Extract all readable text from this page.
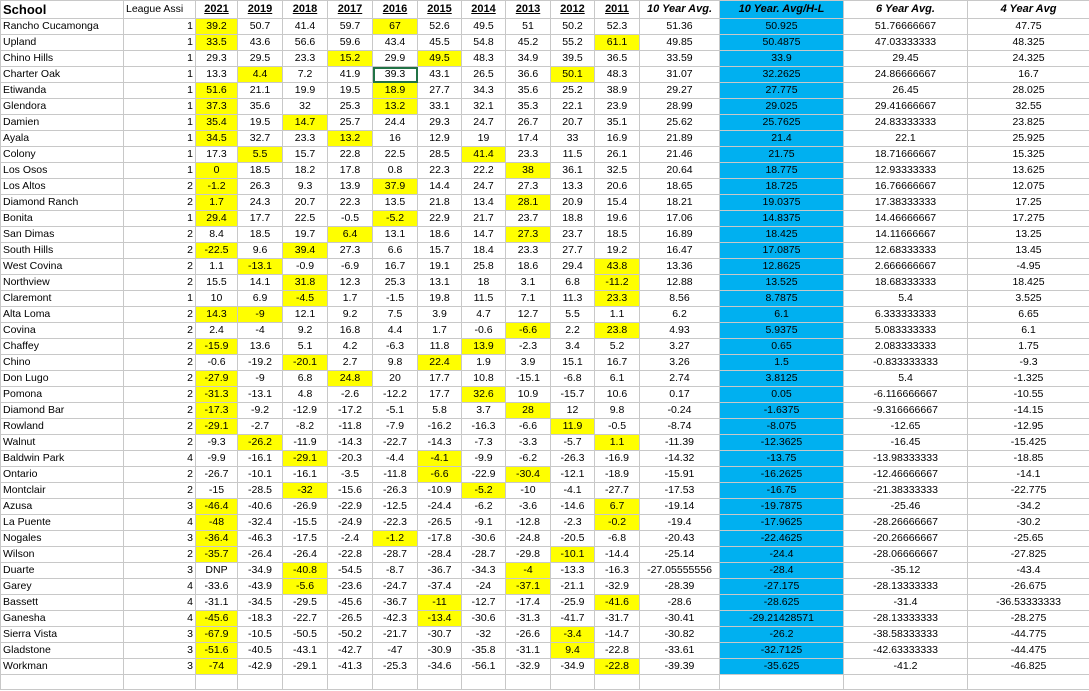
School	League Assi	2021	2019	2018	2017	2016	2015	2014	2013	2012	2011	10 Year Avg.	10 Year. Avg/H-L	6 Year Avg.	4 Year Avg
Rancho Cucamonga	1	39.2	50.7	41.4	59.7	67	52.6	49.5	51	50.2	52.3	51.36	50.925	51.76666667	47.75
Upland	1	33.5	43.6	56.6	59.6	43.4	45.5	54.8	45.2	55.2	61.1	49.85	50.4875	47.03333333	48.325
Chino Hills	1	29.3	29.5	23.3	15.2	29.9	49.5	48.3	34.9	39.5	36.5	33.59	33.9	29.45	24.325
Charter Oak	1	13.3	4.4	7.2	41.9	39.3	43.1	26.5	36.6	50.1	48.3	31.07	32.2625	24.86666667	16.7
Etiwanda	1	51.6	21.1	19.9	19.5	18.9	27.7	34.3	35.6	25.2	38.9	29.27	27.775	26.45	28.025
Glendora	1	37.3	35.6	32	25.3	13.2	33.1	32.1	35.3	22.1	23.9	28.99	29.025	29.41666667	32.55
Damien	1	35.4	19.5	14.7	25.7	24.4	29.3	24.7	26.7	20.7	35.1	25.62	25.7625	24.83333333	23.825
Ayala	1	34.5	32.7	23.3	13.2	16	12.9	19	17.4	33	16.9	21.89	21.4	22.1	25.925
Colony	1	17.3	5.5	15.7	22.8	22.5	28.5	41.4	23.3	11.5	26.1	21.46	21.75	18.71666667	15.325
Los Osos	1	0	18.5	18.2	17.8	0.8	22.3	22.2	38	36.1	32.5	20.64	18.775	12.93333333	13.625
Los Altos	2	-1.2	26.3	9.3	13.9	37.9	14.4	24.7	27.3	13.3	20.6	18.65	18.725	16.76666667	12.075
Diamond Ranch	2	1.7	24.3	20.7	22.3	13.5	21.8	13.4	28.1	20.9	15.4	18.21	19.0375	17.38333333	17.25
Bonita	1	29.4	17.7	22.5	-0.5	-5.2	22.9	21.7	23.7	18.8	19.6	17.06	14.8375	14.46666667	17.275
San Dimas	2	8.4	18.5	19.7	6.4	13.1	18.6	14.7	27.3	23.7	18.5	16.89	18.425	14.11666667	13.25
South Hills	2	-22.5	9.6	39.4	27.3	6.6	15.7	18.4	23.3	27.7	19.2	16.47	17.0875	12.68333333	13.45
West Covina	2	1.1	-13.1	-0.9	-6.9	16.7	19.1	25.8	18.6	29.4	43.8	13.36	12.8625	2.666666667	-4.95
Northview	2	15.5	14.1	31.8	12.3	25.3	13.1	18	3.1	6.8	-11.2	12.88	13.525	18.68333333	18.425
Claremont	1	10	6.9	-4.5	1.7	-1.5	19.8	11.5	7.1	11.3	23.3	8.56	8.7875	5.4	3.525
Alta Loma	2	14.3	-9	12.1	9.2	7.5	3.9	4.7	12.7	5.5	1.1	6.2	6.1	6.333333333	6.65
Covina	2	2.4	-4	9.2	16.8	4.4	1.7	-0.6	-6.6	2.2	23.8	4.93	5.9375	5.083333333	6.1
Chaffey	2	-15.9	13.6	5.1	4.2	-6.3	11.8	13.9	-2.3	3.4	5.2	3.27	0.65	2.083333333	1.75
Chino	2	-0.6	-19.2	-20.1	2.7	9.8	22.4	1.9	3.9	15.1	16.7	3.26	1.5	-0.833333333	-9.3
Don Lugo	2	-27.9	-9	6.8	24.8	20	17.7	10.8	-15.1	-6.8	6.1	2.74	3.8125	5.4	-1.325
Pomona	2	-31.3	-13.1	4.8	-2.6	-12.2	17.7	32.6	10.9	-15.7	10.6	0.17	0.05	-6.116666667	-10.55
Diamond Bar	2	-17.3	-9.2	-12.9	-17.2	-5.1	5.8	3.7	28	12	9.8	-0.24	-1.6375	-9.316666667	-14.15
Rowland	2	-29.1	-2.7	-8.2	-11.8	-7.9	-16.2	-16.3	-6.6	11.9	-0.5	-8.74	-8.075	-12.65	-12.95
Walnut	2	-9.3	-26.2	-11.9	-14.3	-22.7	-14.3	-7.3	-3.3	-5.7	1.1	-11.39	-12.3625	-16.45	-15.425
Baldwin Park	4	-9.9	-16.1	-29.1	-20.3	-4.4	-4.1	-9.9	-6.2	-26.3	-16.9	-14.32	-13.75	-13.98333333	-18.85
Ontario	2	-26.7	-10.1	-16.1	-3.5	-11.8	-6.6	-22.9	-30.4	-12.1	-18.9	-15.91	-16.2625	-12.46666667	-14.1
Montclair	2	-15	-28.5	-32	-15.6	-26.3	-10.9	-5.2	-10	-4.1	-27.7	-17.53	-16.75	-21.38333333	-22.775
Azusa	3	-46.4	-40.6	-26.9	-22.9	-12.5	-24.4	-6.2	-3.6	-14.6	6.7	-19.14	-19.7875	-25.46	-34.2
La Puente	4	-48	-32.4	-15.5	-24.9	-22.3	-26.5	-9.1	-12.8	-2.3	-0.2	-19.4	-17.9625	-28.26666667	-30.2
Nogales	3	-36.4	-46.3	-17.5	-2.4	-1.2	-17.8	-30.6	-24.8	-20.5	-6.8	-20.43	-22.4625	-20.26666667	-25.65
Wilson	2	-35.7	-26.4	-26.4	-22.8	-28.7	-28.4	-28.7	-29.8	-10.1	-14.4	-25.14	-24.4	-28.06666667	-27.825
Duarte	3	DNP	-34.9	-40.8	-54.5	-8.7	-36.7	-34.3	-4	-13.3	-16.3	-27.05555556	-28.4	-35.12	-43.4
Garey	4	-33.6	-43.9	-5.6	-23.6	-24.7	-37.4	-24	-37.1	-21.1	-32.9	-28.39	-27.175	-28.13333333	-26.675
Bassett	4	-31.1	-34.5	-29.5	-45.6	-36.7	-11	-12.7	-17.4	-25.9	-41.6	-28.6	-28.625	-31.4	-36.53333333
Ganesha	4	-45.6	-18.3	-22.7	-26.5	-42.3	-13.4	-30.6	-31.3	-41.7	-31.7	-30.41	-29.21428571	-28.13333333	-28.275
Sierra Vista	3	-67.9	-10.5	-50.5	-50.2	-21.7	-30.7	-32	-26.6	-3.4	-14.7	-30.82	-26.2	-38.58333333	-44.775
Gladstone	3	-51.6	-40.5	-43.1	-42.7	-47	-30.9	-35.8	-31.1	9.4	-22.8	-33.61	-32.7125	-42.63333333	-44.475
Workman	3	-74	-42.9	-29.1	-41.3	-25.3	-34.6	-56.1	-32.9	-34.9	-22.8	-39.39	-35.625	-41.2	-46.825
